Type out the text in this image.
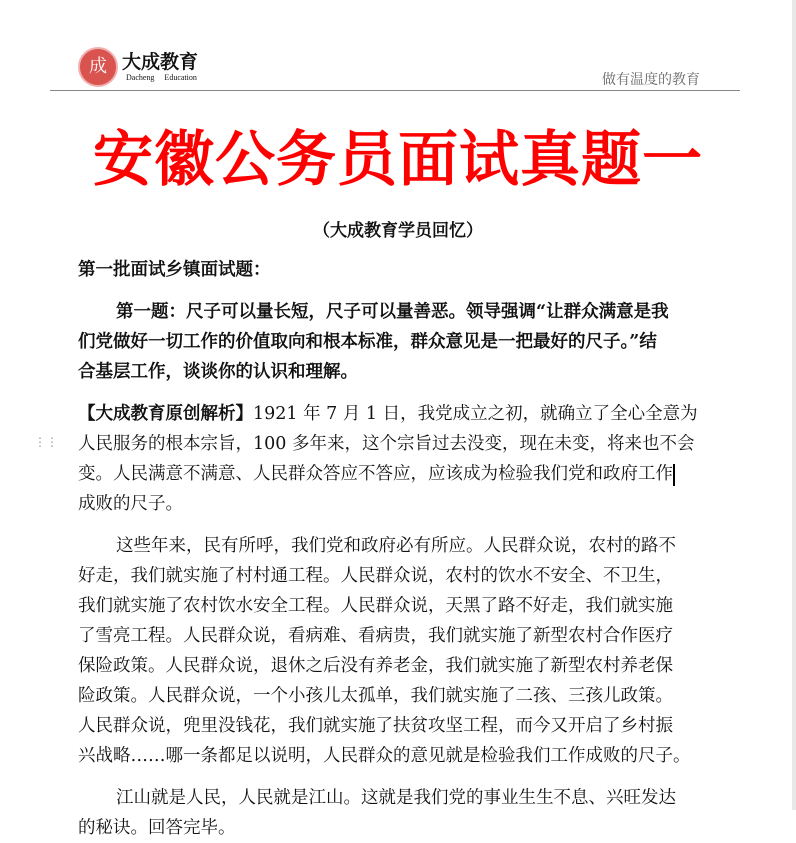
成 大成教育
Dacheng Education	做有温度的教育
安徽公务员面试真题一
（大成教育学员回忆）
⋮⋮
第一批面试乡镇面试题：
第一题：尺子可以量长短，尺子可以量善恶。领导强调“让群众满意是我
们党做好一切工作的价值取向和根本标准，群众意见是一把最好的尺子。”结
合基层工作，谈谈你的认识和理解。
【大成教育原创解析】1921 年 7 月 1 日，我党成立之初，就确立了全心全意为
人民服务的根本宗旨，100 多年来，这个宗旨过去没变，现在未变，将来也不会
变。人民满意不满意、人民群众答应不答应，应该成为检验我们党和政府工作
成败的尺子。
这些年来，民有所呼，我们党和政府必有所应。人民群众说，农村的路不
好走，我们就实施了村村通工程。人民群众说，农村的饮水不安全、不卫生，
我们就实施了农村饮水安全工程。人民群众说，天黑了路不好走，我们就实施
了雪亮工程。人民群众说，看病难、看病贵，我们就实施了新型农村合作医疗
保险政策。人民群众说，退休之后没有养老金，我们就实施了新型农村养老保
险政策。人民群众说，一个小孩儿太孤单，我们就实施了二孩、三孩儿政策。
人民群众说，兜里没钱花，我们就实施了扶贫攻坚工程，而今又开启了乡村振
兴战略……哪一条都足以说明，人民群众的意见就是检验我们工作成败的尺子。
江山就是人民，人民就是江山。这就是我们党的事业生生不息、兴旺发达
的秘诀。回答完毕。
